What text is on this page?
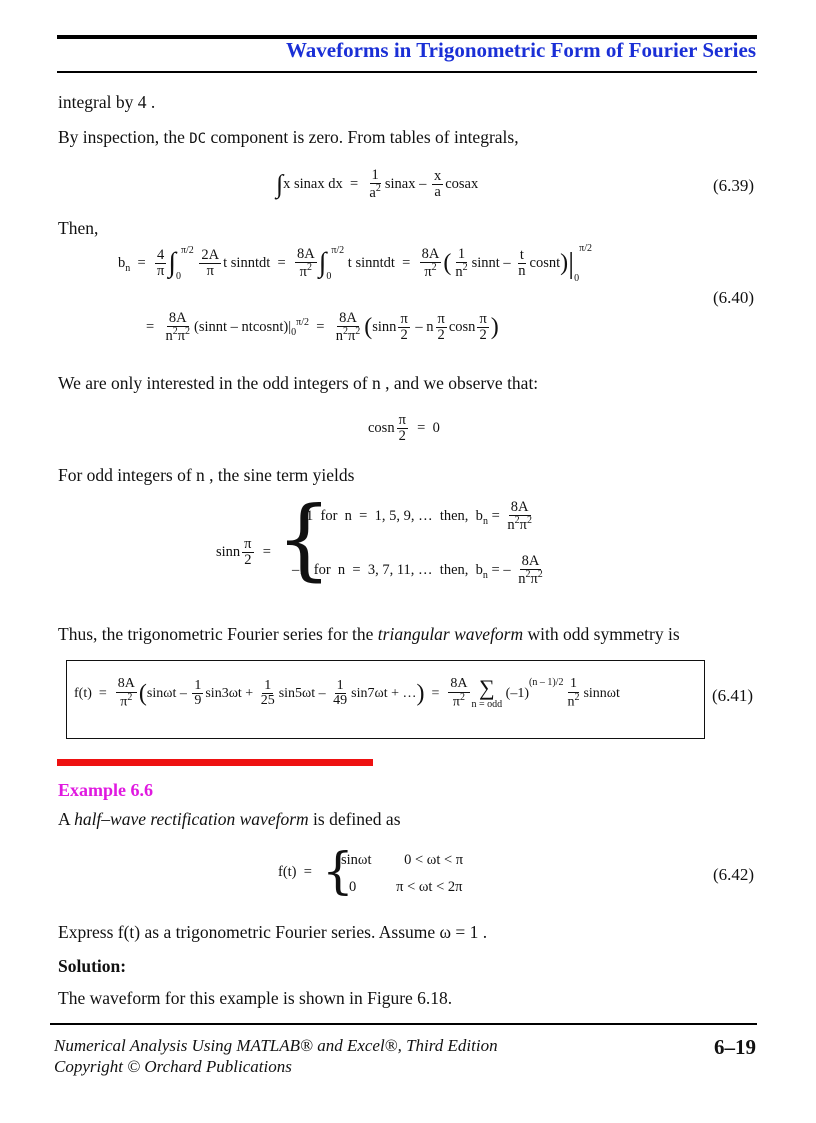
Waveforms in Trigonometric Form of Fourier Series
integral by 4 .
By inspection, the DC component is zero. From tables of integrals,
∫x sinax dx  = $\frac{1}{a^2}$ sinax – $\frac{x}{a}$ cosax	(6.39)
Then,
$b_n = \frac{4}{\pi} \int_0^{\pi/2} \frac{2A}{\pi}$ t sinntdt  = $\frac{8A}{\pi^2} \int_0^{\pi/2}$ t sinntdt  = $\frac{8A}{\pi^2}$ ( $\frac{1}{n^2}$ sinnt – $\frac{t}{n}$ $cosnt)|_0^{\pi/2}$
(6.40)
= $\frac{8A}{n^2\pi^2}$ (sinnt – $ntcosnt)|_0^{\pi/2} = \frac{8A}{n^2\pi^2} (\sin n \frac{\pi}{2} - n \frac{\pi}{2}$ cosn $\frac{\pi}{2}$ )
We are only interested in the odd integers of n , and we observe that:
cosn $\frac{\pi}{2} = 0$
For odd integers of n , the sine term yields
sinn $\frac{\pi}{2}$ = {
1  for  n  =  1, 5, 9, …  then,  $b_n = \frac{8A}{n^2\pi^2}$
–1  for  n  =  3, 7, 11, …  then,  $b_n$ = – $\frac{8A}{n^2\pi^2}$
Thus, the trigonometric Fourier series for the triangular waveform with odd symmetry is
$f(t) = \frac{8A}{\pi^2} (\sin\omega t - \frac{1}{9} \sin 3\omega t + \frac{1}{25} \sin 5\omega t - \frac{1}{49} \sin 7\omega t$ + …)  = $\frac{8A}{\pi^2}$ ∑
n = odd
$(-1)^{(n - 1)/2} \frac{1}{n^2}$ sinnωt	(6.41)
Example 6.6
A half–wave rectification waveform is defined as
f(t)  = {
sinωt         0 < ωt < π
0           π < ωt < 2π
(6.42)
Express f(t) as a trigonometric Fourier series. Assume ω = 1 .
Solution:
The waveform for this example is shown in Figure 6.18.
Numerical Analysis Using MATLAB® and Excel®, Third Edition
Copyright © Orchard Publications
6–19
